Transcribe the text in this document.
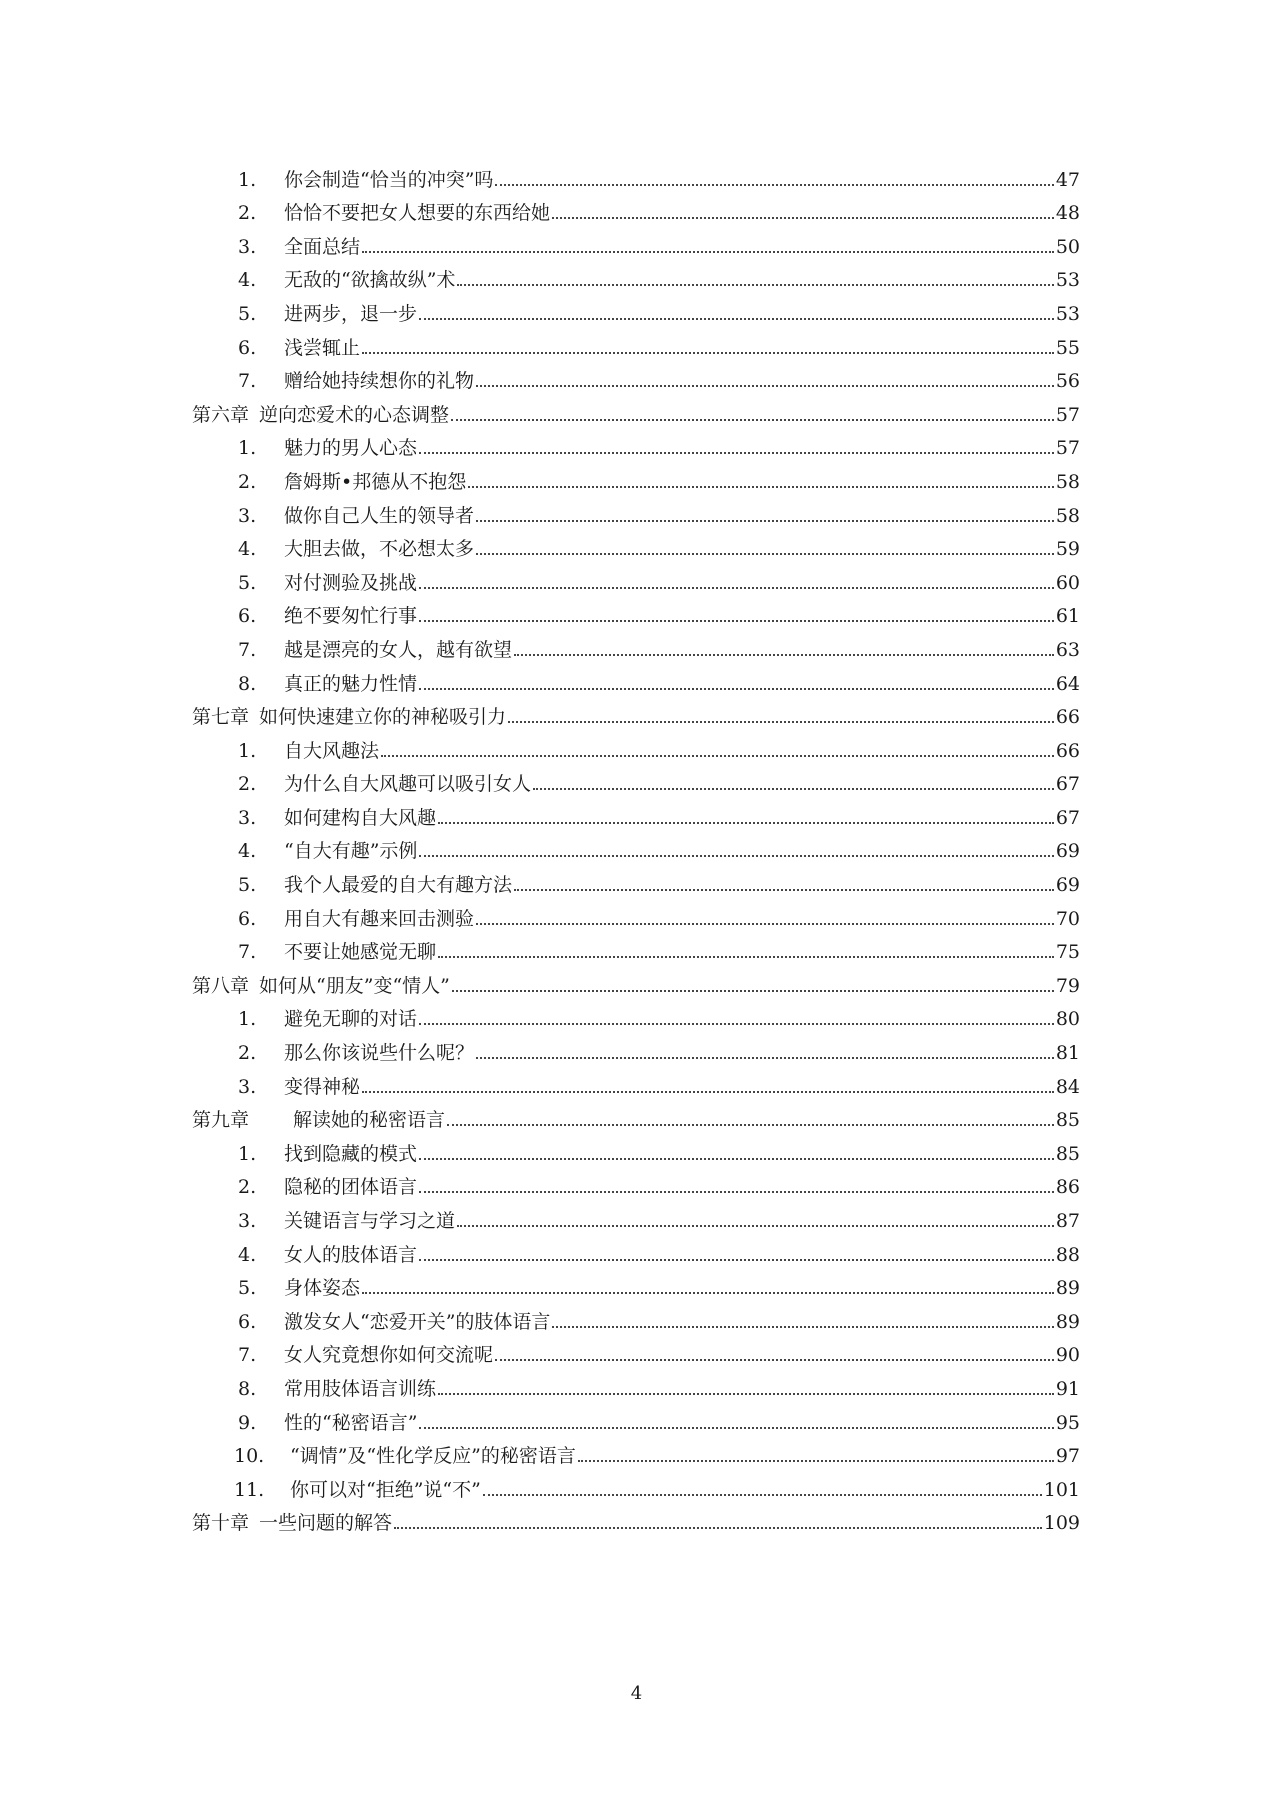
1.	你会制造“恰当的冲突”吗	47
2.	恰恰不要把女人想要的东西给她	48
3.	全面总结	50
4.	无敌的“欲擒故纵”术	53
5.	进两步，退一步	53
6.	浅尝辄止	55
7.	赠给她持续想你的礼物	56
第六章 逆向恋爱术的心态调整	57
1.	魅力的男人心态	57
2.	詹姆斯•邦德从不抱怨	58
3.	做你自己人生的领导者	58
4.	大胆去做，不必想太多	59
5.	对付测验及挑战	60
6.	绝不要匆忙行事	61
7.	越是漂亮的女人，越有欲望	63
8.	真正的魅力性情	64
第七章 如何快速建立你的神秘吸引力	66
1.	自大风趣法	66
2.	为什么自大风趣可以吸引女人	67
3.	如何建构自大风趣	67
4.	“自大有趣”示例	69
5.	我个人最爱的自大有趣方法	69
6.	用自大有趣来回击测验	70
7.	不要让她感觉无聊	75
第八章 如何从“朋友”变“情人”	79
1.	避免无聊的对话	80
2.	那么你该说些什么呢？	81
3.	变得神秘	84
第九章	解读她的秘密语言	85
1.	找到隐藏的模式	85
2.	隐秘的团体语言	86
3.	关键语言与学习之道	87
4.	女人的肢体语言	88
5.	身体姿态	89
6.	激发女人“恋爱开关”的肢体语言	89
7.	女人究竟想你如何交流呢	90
8.	常用肢体语言训练	91
9.	性的“秘密语言”	95
10.	“调情”及“性化学反应”的秘密语言	97
11.	你可以对“拒绝”说“不”	101
第十章 一些问题的解答	109
4
